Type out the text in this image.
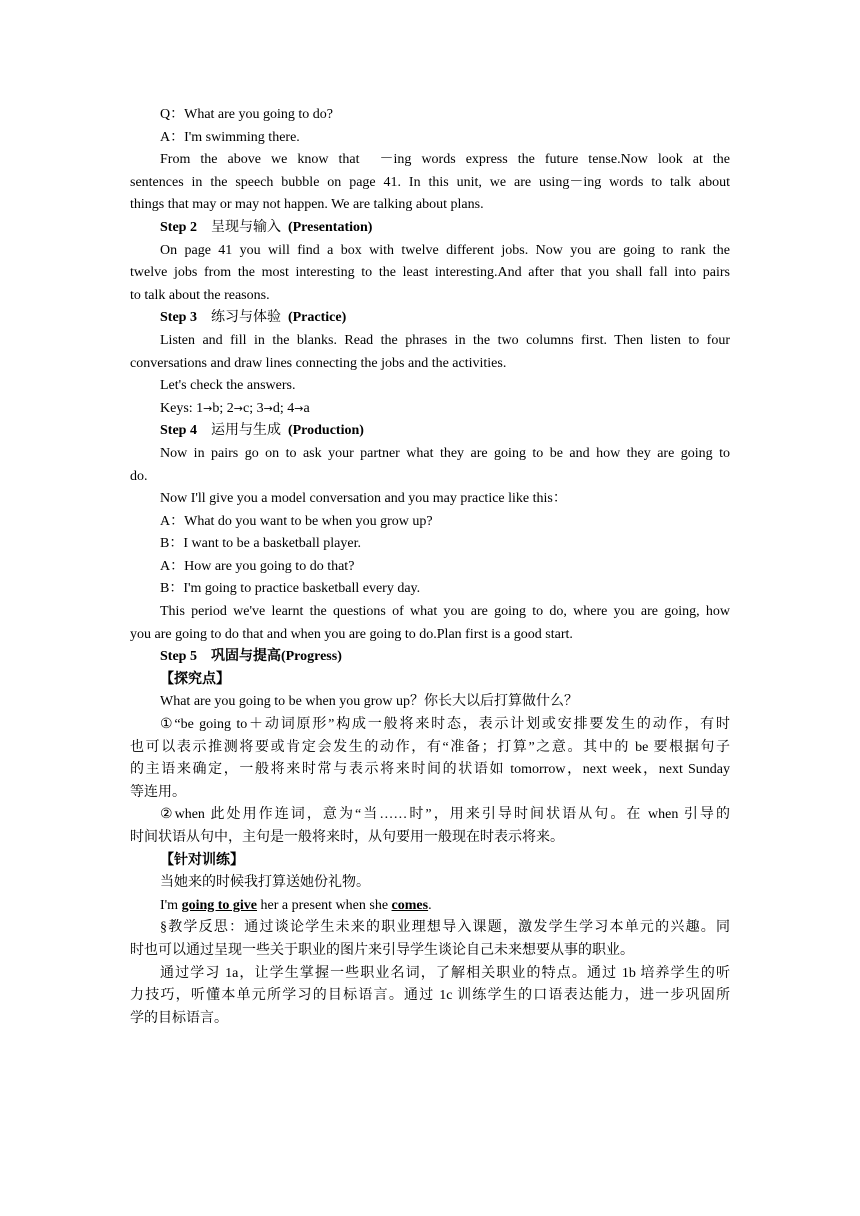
Q：What are you going to do?
A：I'm swimming there.
From the above we know that  －ing words express the future tense.Now look at the
sentences in the speech bubble on page 41. In this unit, we are using－ing words to talk about
things that may or may not happen. We are talking about plans.
Step 2 呈现与输入 (Presentation)
On page 41 you will find a box with twelve different jobs. Now you are going to rank the
twelve jobs from the most interesting to the least interesting.And after that you shall fall into pairs
to talk about the reasons.
Step 3 练习与体验 (Practice)
Listen and fill in the blanks. Read the phrases in the two columns first. Then listen to four
conversations and draw lines connecting the jobs and the activities.
Let's check the answers.
Keys: 1→b; 2→c; 3→d; 4→a
Step 4 运用与生成 (Production)
Now in pairs go on to ask your partner what they are going to be and how they are going to
do.
Now I'll give you a model conversation and you may practice like this：
A：What do you want to be when you grow up?
B：I want to be a basketball player.
A：How are you going to do that?
B：I'm going to practice basketball every day.
This period we've learnt the questions of what you are going to do, where you are going, how
you are going to do that and when you are going to do.Plan first is a good start.
Step 5 巩固与提高(Progress)
【探究点】
What are you going to be when you grow up？你长大以后打算做什么？
①“be going to＋动词原形”构成一般将来时态，表示计划或安排要发生的动作，有时
也可以表示推测将要或肯定会发生的动作，有“准备；打算”之意。其中的 be 要根据句子
的主语来确定，一般将来时常与表示将来时间的状语如 tomorrow，next week，next Sunday
等连用。
②when 此处用作连词，意为“当……时”，用来引导时间状语从句。在 when 引导的
时间状语从句中，主句是一般将来时，从句要用一般现在时表示将来。
【针对训练】
当她来的时候我打算送她份礼物。
I'm going to give her a present when she comes.
§教学反思：通过谈论学生未来的职业理想导入课题，激发学生学习本单元的兴趣。同
时也可以通过呈现一些关于职业的图片来引导学生谈论自己未来想要从事的职业。
通过学习 1a，让学生掌握一些职业名词，了解相关职业的特点。通过 1b 培养学生的听
力技巧，听懂本单元所学习的目标语言。通过 1c 训练学生的口语表达能力，进一步巩固所
学的目标语言。
